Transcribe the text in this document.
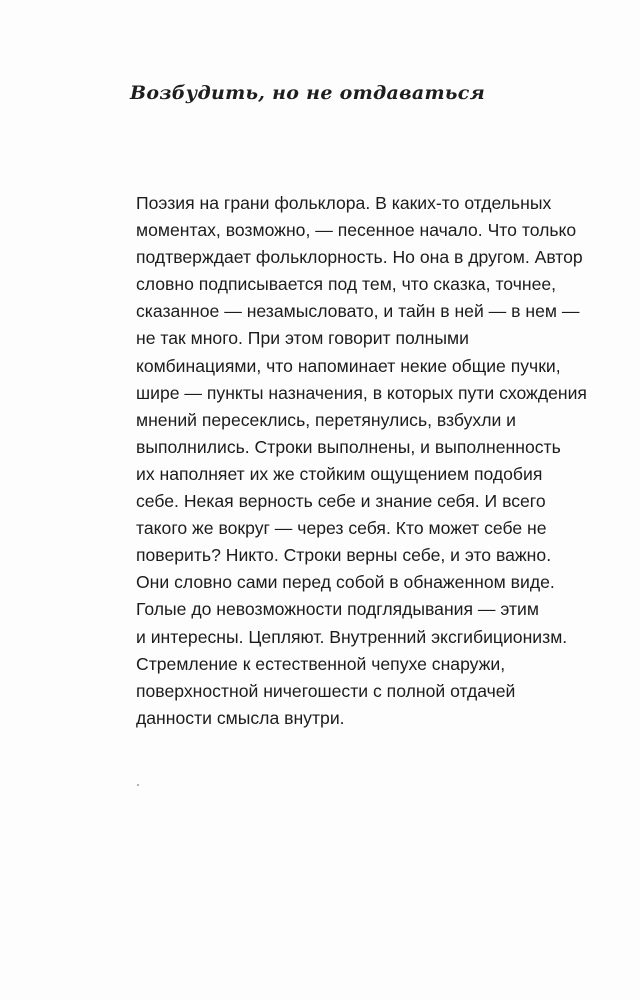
Возбудить, но не отдаваться
Поэзия на грани фольклора. В каких-то отдельных
моментах, возможно, — песенное начало. Что только
подтверждает фольклорность. Но она в другом. Автор
словно подписывается под тем, что сказка, точнее,
сказанное — незамысловато, и тайн в ней — в нем —
не так много. При этом говорит полными
комбинациями, что напоминает некие общие пучки,
шире — пункты назначения, в которых пути схождения
мнений пересеклись, перетянулись, взбухли и
выполнились. Строки выполнены, и выполненность
их наполняет их же стойким ощущением подобия
себе. Некая верность себе и знание себя. И всего
такого же вокруг — через себя. Кто может себе не
поверить? Никто. Строки верны себе, и это важно.
Они словно сами перед собой в обнаженном виде.
Голые до невозможности подглядывания — этим
и интересны. Цепляют. Внутренний эксгибиционизм.
Стремление к естественной чепухе снаружи,
поверхностной ничегошести с полной отдачей
данности смысла внутри.
